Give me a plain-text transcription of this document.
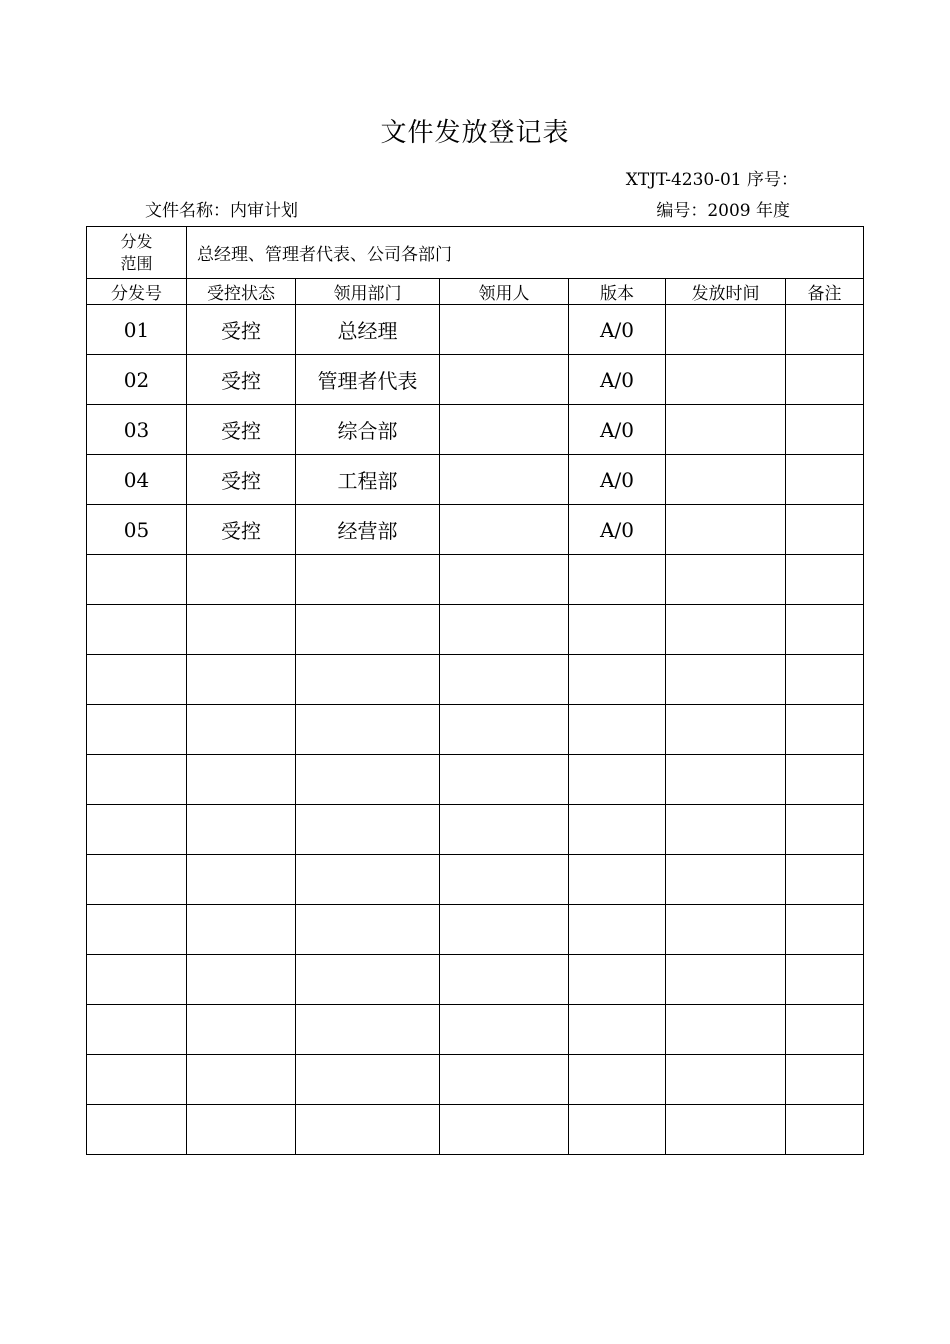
文件发放登记表
XTJT-4230-01 序号：
文件名称：内审计划	编号：2009 年度
分发
范围	总经理、管理者代表、公司各部门					
分发号	受控状态	领用部门	领用人	版本	发放时间	备注
01	受控	总经理		A/0		
02	受控	管理者代表		A/0		
03	受控	综合部		A/0		
04	受控	工程部		A/0		
05	受控	经营部		A/0		
